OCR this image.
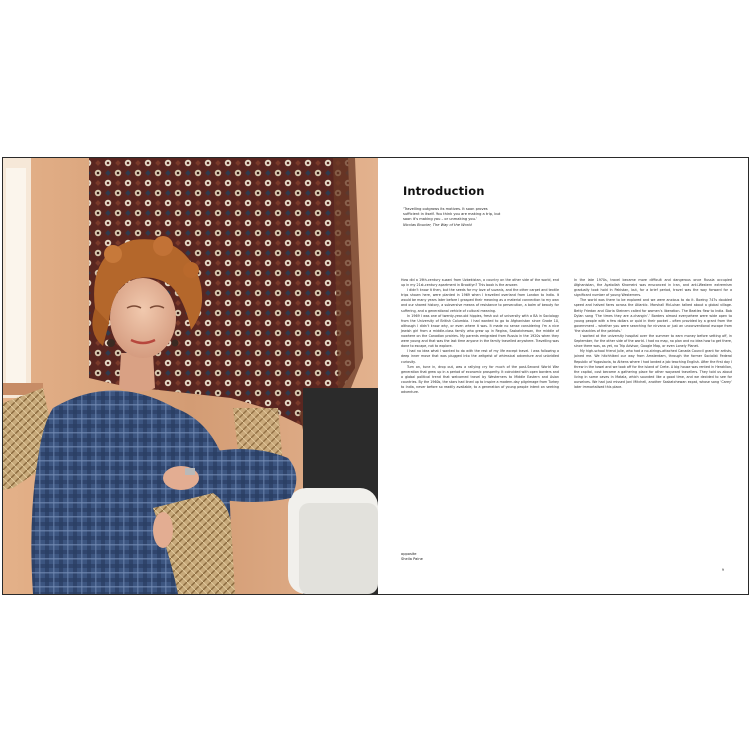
Introduction
‘Travelling outgrows its motives. It soon proves sufficient in itself. You think you are making a trip, but soon it’s making you – or unmaking you.’
Nicolas Bouvier, The Way of the World

How did a 19th-century suzani from Uzbekistan, a country on the other side of the world, end up in my 21st-century apartment in Brooklyn? This book is the answer.

I didn’t know it then, but the seeds for my love of suzanis, and the other carpet and textile trips shown here, were planted in 1969 when I travelled overland from London to India. It would be many years later before I grasped their meaning as a material connection to my own and our shared history, a subversive means of resistance to persecution, a balm of beauty for suffering, and a generational vehicle of cultural meaning.

In 1969 I was one of twenty-year-old hippies, fresh out of university with a BA in Sociology from the University of British Columbia. I had wanted to go to Afghanistan since Grade 10, although I didn’t know why, or even where it was. It made no sense considering I’m a nice Jewish girl from a middle-class family who grew up in Regina, Saskatchewan, the middle of nowhere on the Canadian prairies. My parents emigrated from Russia in the 1920s when they were young and that was the last time anyone in the family travelled anywhere. Travelling was done to escape, not to explore.

I had no idea what I wanted to do with the rest of my life except travel. I was following a deep inner move that was plugged into the zeitgeist of whimsical adventure and unbridled curiosity.

Turn on, tune in, drop out, was a rallying cry for much of the post-Second World War generation that grew up in a period of economic prosperity. It coincided with open borders and a global political trend that welcomed travel by Westerners to Middle Eastern and Asian countries. By the 1960s, the stars had lined up to inspire a modern-day pilgrimage from Turkey to India, never before so readily available, to a generation of young people intent on seeking adventure.

In the late 1970s, travel became more difficult and dangerous once Russia occupied Afghanistan, the Ayatollah Khomeini was ensconced in Iran, and anti-Western extremism gradually took hold in Pakistan, but, for a brief period, travel was the way forward for a significant number of young Westerners.

The world was there to be explored and we were anxious to do it. Boeing 747s doubled speed and halved fares across the Atlantic. Marshall McLuhan talked about a global village. Betty Friedan and Gloria Steinem called for women’s liberation. The Beatles flew to India. Bob Dylan sang ‘The times they are a-changin’.’ Borders almost everywhere were wide open to young people with a few dollars or quid in their pocket – often provided by a grant from the government – whether you were searching for nirvana or just an unconventional escape from ‘the shackles of the patriots.’

I worked at the university hospital over the summer to earn money before setting off, in September, for the other side of the world. I had no map, no plan and no idea how to get there, since there was, as yet, no Trip Advisor, Google Map, or even Lonely Planet.

My high-school friend Julie, who had a no-strings-attached Canada Council grant for artists, joined me. We hitchhiked our way from Amsterdam, through the former Socialist Federal Republic of Yugoslavia, to Athens where I had landed a job teaching English. After the first day I threw in the towel and we took off for the island of Crete. A big house was rented in Heraklion, the capital, cost became a gathering place for other wayward travellers. They told us about living in some caves in Matala, which sounded like a good time, and we decided to see for ourselves. We had just missed Joni Mitchell, another Saskatchewan expat, whose song ‘Carey’ later immortalised this place.

opposite
Sheila Paine
9
